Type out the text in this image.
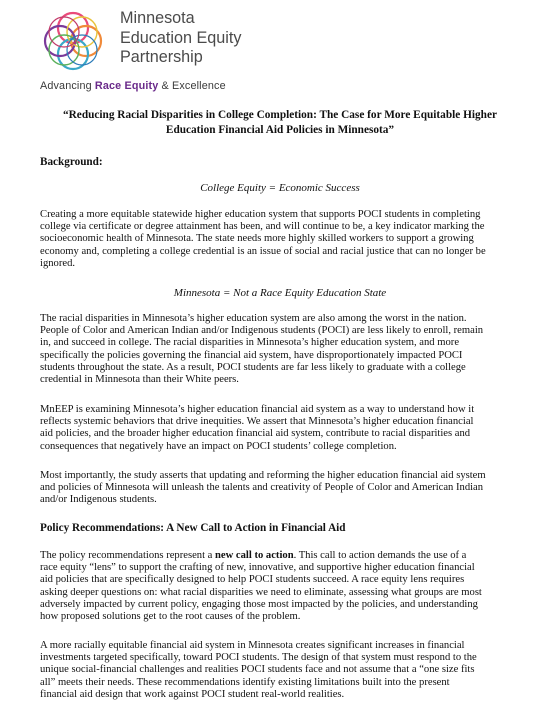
Minnesota
Education Equity
Partnership
Advancing Race Equity & Excellence
“Reducing Racial Disparities in College Completion: The Case for More Equitable Higher
Education Financial Aid Policies in Minnesota”
Background:
College Equity = Economic Success
Creating a more equitable statewide higher education system that supports POCI students in completing
college via certificate or degree attainment has been, and will continue to be, a key indicator marking the
socioeconomic health of Minnesota. The state needs more highly skilled workers to support a growing
economy and, completing a college credential is an issue of social and racial justice that can no longer be
ignored.
Minnesota = Not a Race Equity Education State
The racial disparities in Minnesota’s higher education system are also among the worst in the nation.
People of Color and American Indian and/or Indigenous students (POCI) are less likely to enroll, remain
in, and succeed in college. The racial disparities in Minnesota’s higher education system, and more
specifically the policies governing the financial aid system, have disproportionately impacted POCI
students throughout the state. As a result, POCI students are far less likely to graduate with a college
credential in Minnesota than their White peers.
MnEEP is examining Minnesota’s higher education financial aid system as a way to understand how it
reflects systemic behaviors that drive inequities. We assert that Minnesota’s higher education financial
aid policies, and the broader higher education financial aid system, contribute to racial disparities and
consequences that negatively have an impact on POCI students’ college completion.
Most importantly, the study asserts that updating and reforming the higher education financial aid system
and policies of Minnesota will unleash the talents and creativity of People of Color and American Indian
and/or Indigenous students.
Policy Recommendations: A New Call to Action in Financial Aid
The policy recommendations represent a new call to action. This call to action demands the use of a
race equity “lens” to support the crafting of new, innovative, and supportive higher education financial
aid policies that are specifically designed to help POCI students succeed. A race equity lens requires
asking deeper questions on: what racial disparities we need to eliminate, assessing what groups are most
adversely impacted by current policy, engaging those most impacted by the policies, and understanding
how proposed solutions get to the root causes of the problem.
A more racially equitable financial aid system in Minnesota creates significant increases in financial
investments targeted specifically, toward POCI students. The design of that system must respond to the
unique social-financial challenges and realities POCI students face and not assume that a “one size fits
all” meets their needs. These recommendations identify existing limitations built into the present
financial aid design that work against POCI student real-world realities.
